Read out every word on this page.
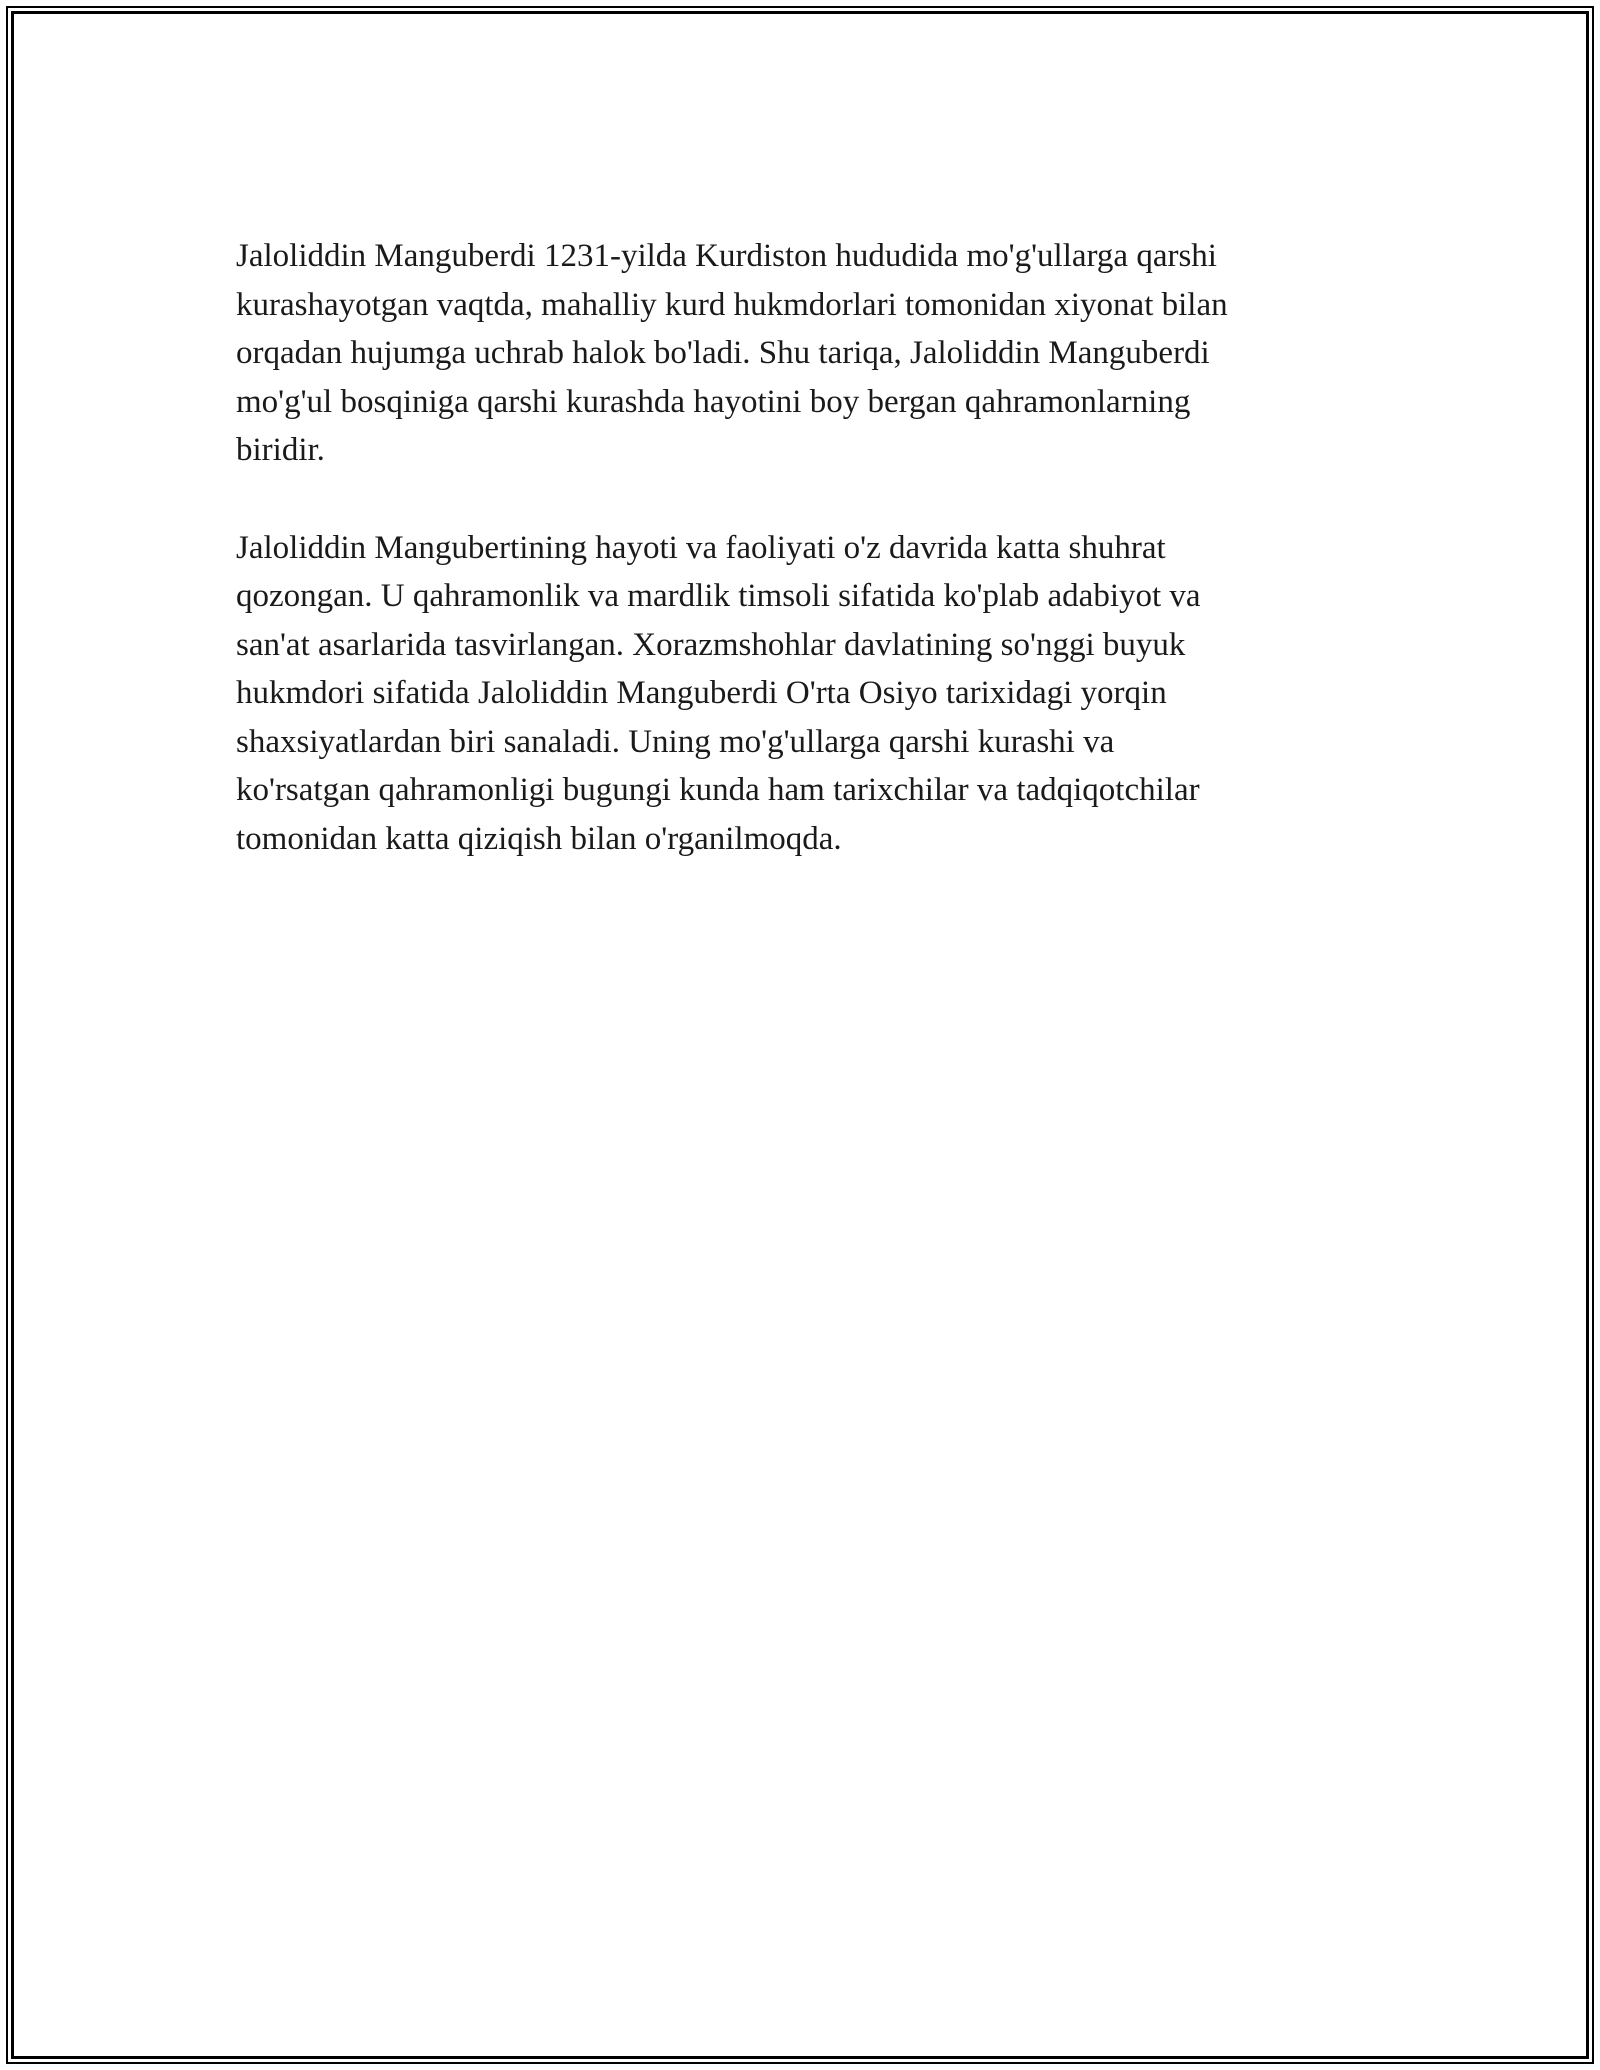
Jaloliddin Manguberdi 1231-yilda Kurdiston hududida mo'g'ullarga qarshi
kurashayotgan vaqtda, mahalliy kurd hukmdorlari tomonidan xiyonat bilan
orqadan hujumga uchrab halok bo'ladi. Shu tariqa, Jaloliddin Manguberdi
mo'g'ul bosqiniga qarshi kurashda hayotini boy bergan qahramonlarning
biridir.

Jaloliddin Mangubertining hayoti va faoliyati o'z davrida katta shuhrat
qozongan. U qahramonlik va mardlik timsoli sifatida ko'plab adabiyot va
san'at asarlarida tasvirlangan. Xorazmshohlar davlatining so'nggi buyuk
hukmdori sifatida Jaloliddin Manguberdi O'rta Osiyo tarixidagi yorqin
shaxsiyatlardan biri sanaladi. Uning mo'g'ullarga qarshi kurashi va
ko'rsatgan qahramonligi bugungi kunda ham tarixchilar va tadqiqotchilar
tomonidan katta qiziqish bilan o'rganilmoqda.
